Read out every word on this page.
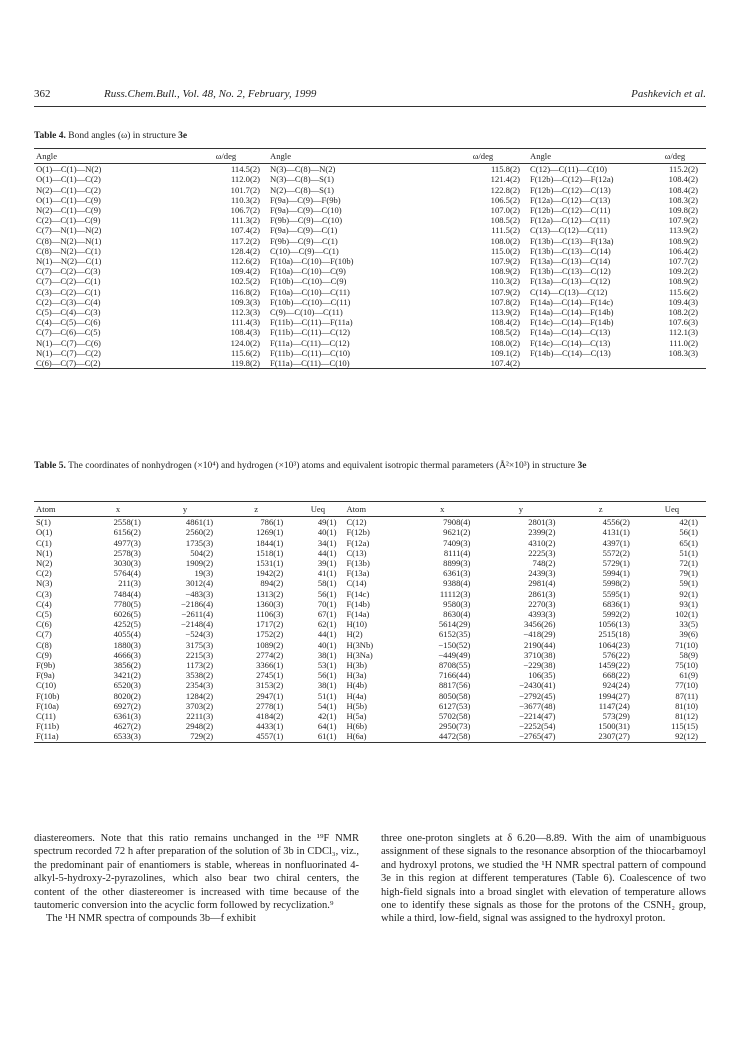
362	Russ.Chem.Bull., Vol. 48, No. 2, February, 1999	Pashkevich et al.
Table 4. Bond angles (ω) in structure 3e
Angle	ω/deg	Angle	ω/deg	Angle	ω/deg
O(1)—C(1)—N(2)	114.5(2)	N(3)—C(8)—N(2)	115.8(2)	C(12)—C(11)—C(10)	115.2(2)
O(1)—C(1)—C(2)	112.0(2)	N(3)—C(8)—S(1)	121.4(2)	F(12b)—C(12)—F(12a)	108.4(2)
N(2)—C(1)—C(2)	101.7(2)	N(2)—C(8)—S(1)	122.8(2)	F(12b)—C(12)—C(13)	108.4(2)
O(1)—C(1)—C(9)	110.3(2)	F(9a)—C(9)—F(9b)	106.5(2)	F(12a)—C(12)—C(13)	108.3(2)
N(2)—C(1)—C(9)	106.7(2)	F(9a)—C(9)—C(10)	107.0(2)	F(12b)—C(12)—C(11)	109.8(2)
C(2)—C(1)—C(9)	111.3(2)	F(9b)—C(9)—C(10)	108.5(2)	F(12a)—C(12)—C(11)	107.9(2)
C(7)—N(1)—N(2)	107.4(2)	F(9a)—C(9)—C(1)	111.5(2)	C(13)—C(12)—C(11)	113.9(2)
C(8)—N(2)—N(1)	117.2(2)	F(9b)—C(9)—C(1)	108.0(2)	F(13b)—C(13)—F(13a)	108.9(2)
C(8)—N(2)—C(1)	128.4(2)	C(10)—C(9)—C(1)	115.0(2)	F(13b)—C(13)—C(14)	106.4(2)
N(1)—N(2)—C(1)	112.6(2)	F(10a)—C(10)—F(10b)	107.9(2)	F(13a)—C(13)—C(14)	107.7(2)
C(7)—C(2)—C(3)	109.4(2)	F(10a)—C(10)—C(9)	108.9(2)	F(13b)—C(13)—C(12)	109.2(2)
C(7)—C(2)—C(1)	102.5(2)	F(10b)—C(10)—C(9)	110.3(2)	F(13a)—C(13)—C(12)	108.9(2)
C(3)—C(2)—C(1)	116.8(2)	F(10a)—C(10)—C(11)	107.9(2)	C(14)—C(13)—C(12)	115.6(2)
C(2)—C(3)—C(4)	109.3(3)	F(10b)—C(10)—C(11)	107.8(2)	F(14a)—C(14)—F(14c)	109.4(3)
C(5)—C(4)—C(3)	112.3(3)	C(9)—C(10)—C(11)	113.9(2)	F(14a)—C(14)—F(14b)	108.2(2)
C(4)—C(5)—C(6)	111.4(3)	F(11b)—C(11)—F(11a)	108.4(2)	F(14c)—C(14)—F(14b)	107.6(3)
C(7)—C(6)—C(5)	108.4(3)	F(11b)—C(11)—C(12)	108.5(2)	F(14a)—C(14)—C(13)	112.1(3)
N(1)—C(7)—C(6)	124.0(2)	F(11a)—C(11)—C(12)	108.0(2)	F(14c)—C(14)—C(13)	111.0(2)
N(1)—C(7)—C(2)	115.6(2)	F(11b)—C(11)—C(10)	109.1(2)	F(14b)—C(14)—C(13)	108.3(3)
C(6)—C(7)—C(2)	119.8(2)	F(11a)—C(11)—C(10)	107.4(2)		
Table 5. The coordinates of nonhydrogen (×10⁴) and hydrogen (×10³) atoms and equivalent isotropic thermal parameters (Å²×10³) in structure 3e
Atom	x	y	z	Ueq	Atom	x	y	z	Ueq
S(1)	2558(1)	4861(1)	786(1)	49(1)	C(12)	7908(4)	2801(3)	4556(2)	42(1)
O(1)	6156(2)	2560(2)	1269(1)	40(1)	F(12b)	9621(2)	2399(2)	4131(1)	56(1)
C(1)	4977(3)	1735(3)	1844(1)	34(1)	F(12a)	7409(3)	4310(2)	4397(1)	65(1)
N(1)	2578(3)	504(2)	1518(1)	44(1)	C(13)	8111(4)	2225(3)	5572(2)	51(1)
N(2)	3030(3)	1909(2)	1531(1)	39(1)	F(13b)	8899(3)	748(2)	5729(1)	72(1)
C(2)	5764(4)	19(3)	1942(2)	41(1)	F(13a)	6361(3)	2439(3)	5994(1)	79(1)
N(3)	211(3)	3012(4)	894(2)	58(1)	C(14)	9388(4)	2981(4)	5998(2)	59(1)
C(3)	7484(4)	−483(3)	1313(2)	56(1)	F(14c)	11112(3)	2861(3)	5595(1)	92(1)
C(4)	7780(5)	−2186(4)	1360(3)	70(1)	F(14b)	9580(3)	2270(3)	6836(1)	93(1)
C(5)	6026(5)	−2611(4)	1106(3)	67(1)	F(14a)	8630(4)	4393(3)	5992(2)	102(1)
C(6)	4252(5)	−2148(4)	1717(2)	62(1)	H(10)	5614(29)	3456(26)	1056(13)	33(5)
C(7)	4055(4)	−524(3)	1752(2)	44(1)	H(2)	6152(35)	−418(29)	2515(18)	39(6)
C(8)	1880(3)	3175(3)	1089(2)	40(1)	H(3Nb)	−150(52)	2190(44)	1064(23)	71(10)
C(9)	4666(3)	2215(3)	2774(2)	38(1)	H(3Na)	−449(49)	3710(38)	576(22)	58(9)
F(9b)	3856(2)	1173(2)	3366(1)	53(1)	H(3b)	8708(55)	−229(38)	1459(22)	75(10)
F(9a)	3421(2)	3538(2)	2745(1)	56(1)	H(3a)	7166(44)	106(35)	668(22)	61(9)
C(10)	6520(3)	2354(3)	3153(2)	38(1)	H(4b)	8817(56)	−2430(41)	924(24)	77(10)
F(10b)	8020(2)	1284(2)	2947(1)	51(1)	H(4a)	8050(58)	−2792(45)	1994(27)	87(11)
F(10a)	6927(2)	3703(2)	2778(1)	54(1)	H(5b)	6127(53)	−3677(48)	1147(24)	81(10)
C(11)	6361(3)	2211(3)	4184(2)	42(1)	H(5a)	5702(58)	−2214(47)	573(29)	81(12)
F(11b)	4627(2)	2948(2)	4433(1)	64(1)	H(6b)	2950(73)	−2252(54)	1500(31)	115(15)
F(11a)	6533(3)	729(2)	4557(1)	61(1)	H(6a)	4472(58)	−2765(47)	2307(27)	92(12)

diastereomers. Note that this ratio remains unchanged in the ¹⁹F NMR spectrum recorded 72 h after preparation of the solution of 3b in CDCl₃, viz., the predominant pair of enantiomers is stable, whereas in nonfluorinated 4-alkyl-5-hydroxy-2-pyrazolines, which also bear two chiral centers, the content of the other diastereomer is increased with time because of the tautomeric conversion into the acyclic form followed by recyclization.⁹

The ¹H NMR spectra of compounds 3b—f exhibit

three one-proton singlets at δ 6.20—8.89. With the aim of unambiguous assignment of these signals to the resonance absorption of the thiocarbamoyl and hydroxyl protons, we studied the ¹H NMR spectral pattern of compound 3e in this region at different temperatures (Table 6). Coalescence of two high-field signals into a broad singlet with elevation of temperature allows one to identify these signals as those for the protons of the CSNH₂ group, while a third, low-field, signal was assigned to the hydroxyl proton.
